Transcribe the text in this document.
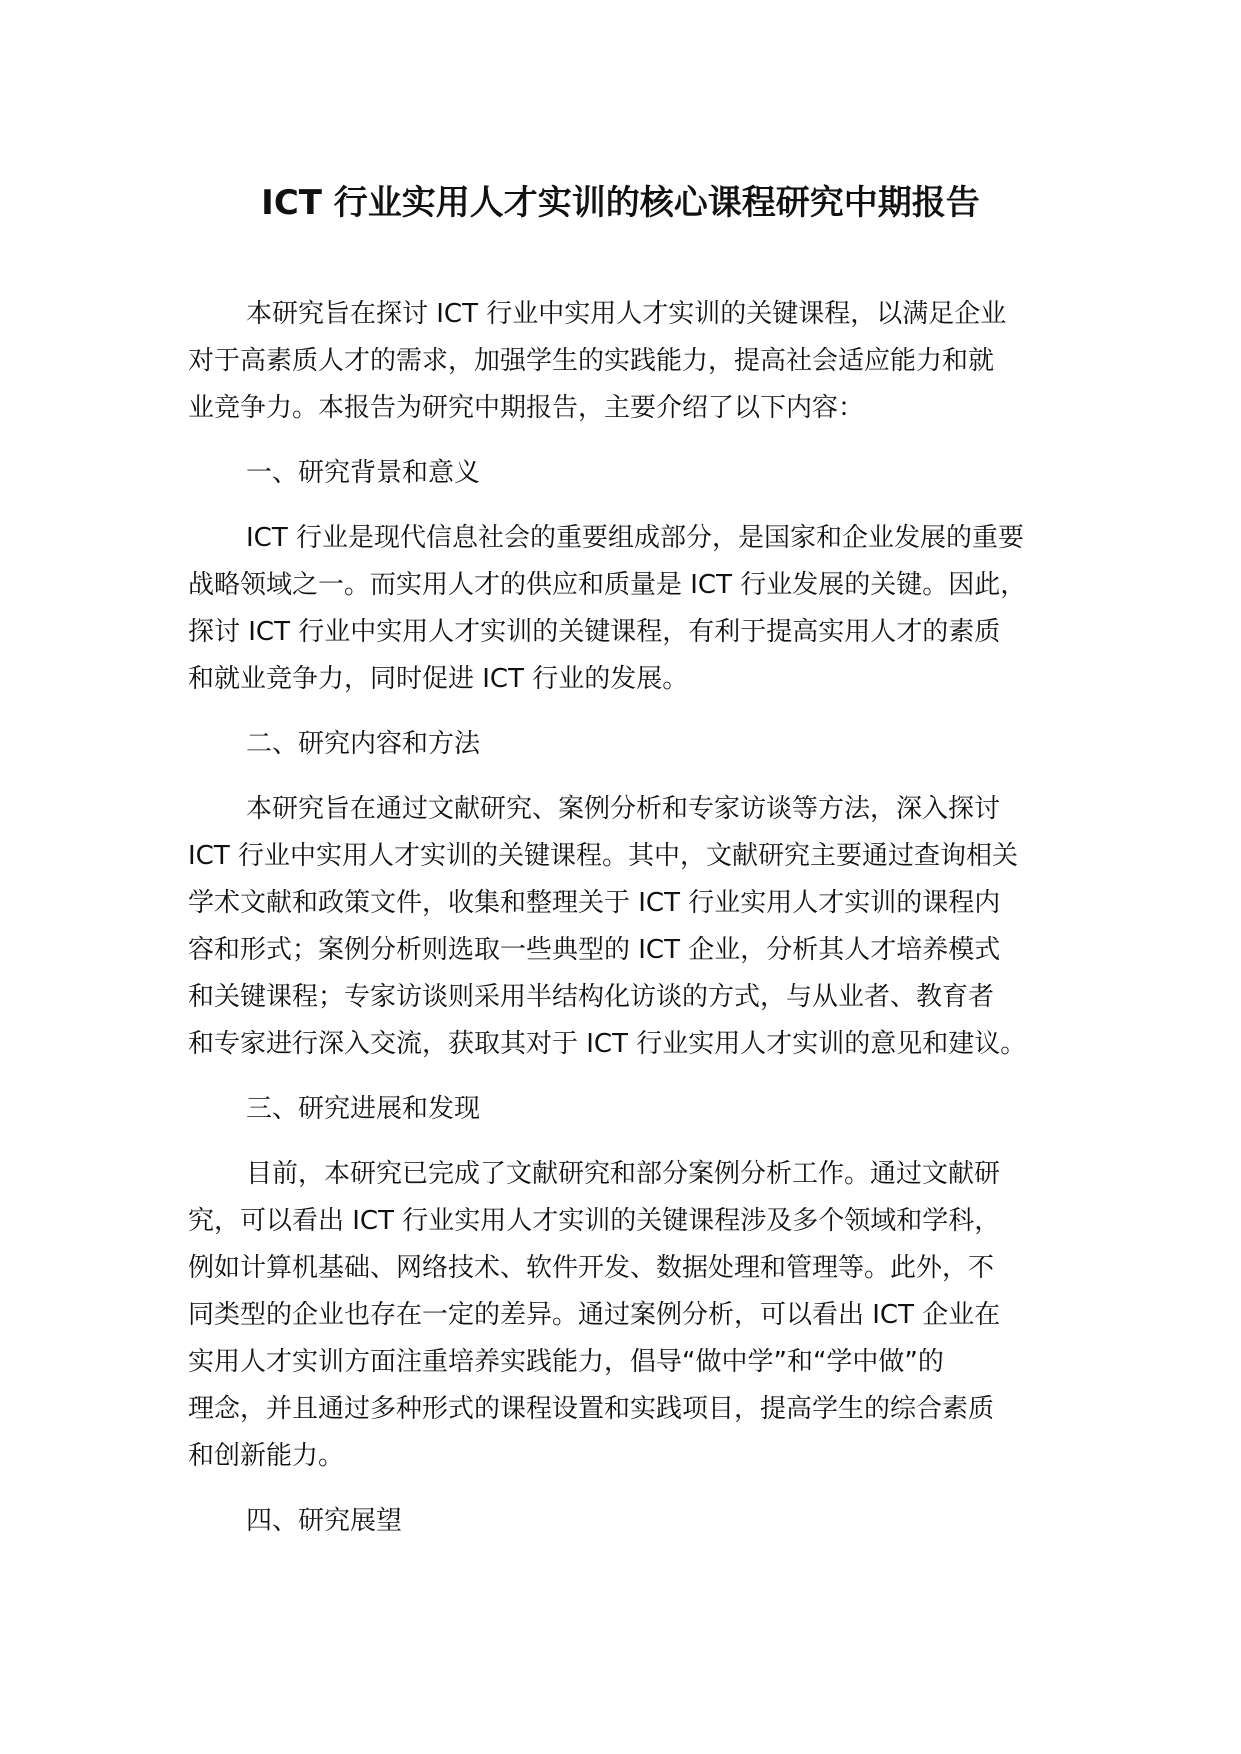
ICT 行业实用人才实训的核心课程研究中期报告

本研究旨在探讨 ICT 行业中实用人才实训的关键课程，以满足企业
对于高素质人才的需求，加强学生的实践能力，提高社会适应能力和就
业竞争力。本报告为研究中期报告，主要介绍了以下内容：

一、研究背景和意义

ICT 行业是现代信息社会的重要组成部分，是国家和企业发展的重要
战略领域之一。而实用人才的供应和质量是 ICT 行业发展的关键。因此，
探讨 ICT 行业中实用人才实训的关键课程，有利于提高实用人才的素质
和就业竞争力，同时促进 ICT 行业的发展。

二、研究内容和方法

本研究旨在通过文献研究、案例分析和专家访谈等方法，深入探讨
ICT 行业中实用人才实训的关键课程。其中，文献研究主要通过查询相关
学术文献和政策文件，收集和整理关于 ICT 行业实用人才实训的课程内
容和形式；案例分析则选取一些典型的 ICT 企业，分析其人才培养模式
和关键课程；专家访谈则采用半结构化访谈的方式，与从业者、教育者
和专家进行深入交流，获取其对于 ICT 行业实用人才实训的意见和建议。

三、研究进展和发现

目前，本研究已完成了文献研究和部分案例分析工作。通过文献研
究，可以看出 ICT 行业实用人才实训的关键课程涉及多个领域和学科，
例如计算机基础、网络技术、软件开发、数据处理和管理等。此外，不
同类型的企业也存在一定的差异。通过案例分析，可以看出 ICT 企业在
实用人才实训方面注重培养实践能力，倡导“做中学”和“学中做”的
理念，并且通过多种形式的课程设置和实践项目，提高学生的综合素质
和创新能力。

四、研究展望
